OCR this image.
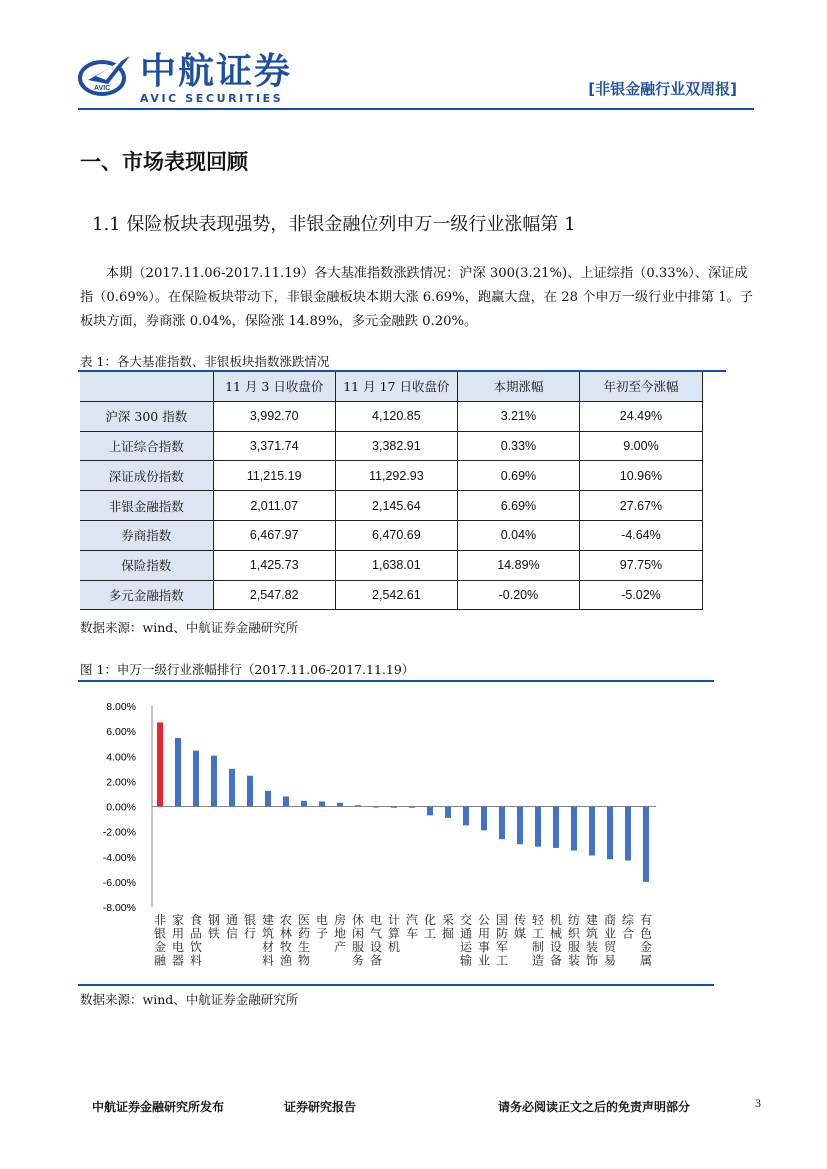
AVIC 中航证券
AVIC SECURITIES
[非银金融行业双周报]
一、市场表现回顾
1.1 保险板块表现强势，非银金融位列申万一级行业涨幅第 1
本期（2017.11.06-2017.11.19）各大基准指数涨跌情况：沪深 300(3.21%)、上证综指（0.33%）、深证成指（0.69%）。在保险板块带动下，非银金融板块本期大涨 6.69%，跑赢大盘，在 28 个申万一级行业中排第 1。子板块方面，券商涨 0.04%，保险涨 14.89%，多元金融跌 0.20%。
表 1：各大基准指数、非银板块指数涨跌情况
	11 月 3 日收盘价	11 月 17 日收盘价	本期涨幅	年初至今涨幅
沪深 300 指数	3,992.70	4,120.85	3.21%	24.49%
上证综合指数	3,371.74	3,382.91	0.33%	9.00%
深证成份指数	11,215.19	11,292.93	0.69%	10.96%
非银金融指数	2,011.07	2,145.64	6.69%	27.67%
券商指数	6,467.97	6,470.69	0.04%	-4.64%
保险指数	1,425.73	1,638.01	14.89%	97.75%
多元金融指数	2,547.82	2,542.61	-0.20%	-5.02%
数据来源：wind、中航证券金融研究所
图 1：申万一级行业涨幅排行（2017.11.06-2017.11.19）
8.00%
6.00%
4.00%
2.00%
0.00%
-2.00%
-4.00%
-6.00%
-8.00%
非银金融
家用电器
食品饮料
钢铁
通信
银行
建筑材料
农林牧渔
医药生物
电子
房地产
休闲服务
电气设备
计算机
汽车
化工
采掘
交通运输
公用事业
国防军工
传媒
轻工制造
机械设备
纺织服装
建筑装饰
商业贸易
综合
有色金属
数据来源：wind、中航证券金融研究所
中航证券金融研究所发布	证券研究报告	请务必阅读正文之后的免责声明部分	3
